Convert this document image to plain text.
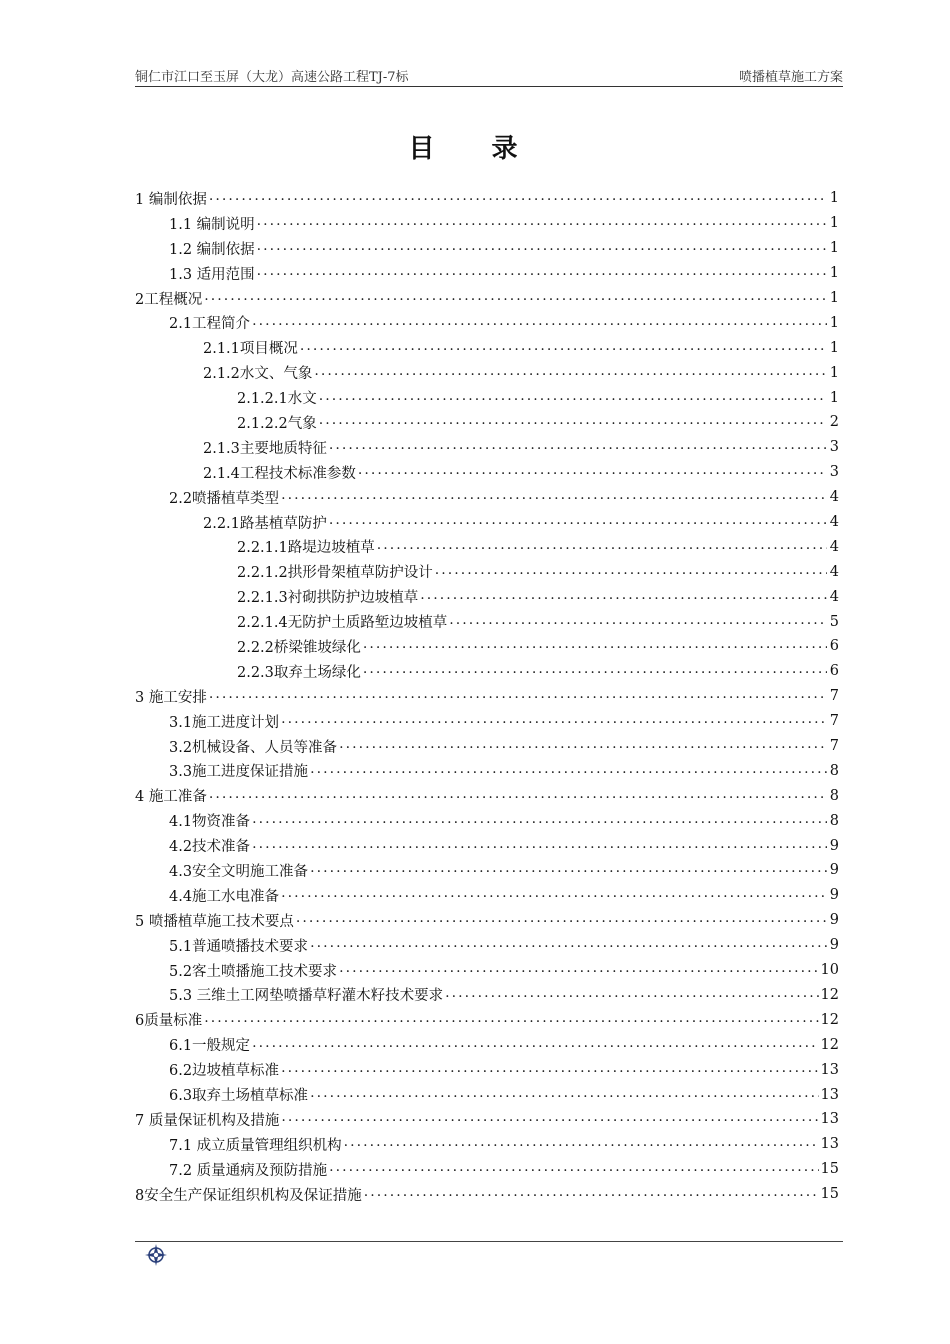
铜仁市江口至玉屏（大龙）高速公路工程TJ-7标	喷播植草施工方案
目 录
1 编制依据 . . .	1
1.1 编制说明 . . .	1
1.2 编制依据 . . .	1
1.3 适用范围 . . .	1
2工程概况 . . .	1
2.1工程简介 . . .	1
2.1.1项目概况 . . .	1
2.1.2水文、气象 . . .	1
2.1.2.1水文 . . .	1
2.1.2.2气象 . . .	2
2.1.3主要地质特征 . . .	3
2.1.4工程技术标准参数 . . .	3
2.2喷播植草类型 . . .	4
2.2.1路基植草防护 . . .	4
2.2.1.1路堤边坡植草 . . .	4
2.2.1.2拱形骨架植草防护设计 . . .	4
2.2.1.3衬砌拱防护边坡植草 . . .	4
2.2.1.4无防护土质路堑边坡植草 . . .	5
2.2.2桥梁锥坡绿化 . . .	6
2.2.3取弃土场绿化 . . .	6
3 施工安排 . . .	7
3.1施工进度计划 . . .	7
3.2机械设备、人员等准备 . . .	7
3.3施工进度保证措施 . . .	8
4 施工准备 . . .	8
4.1物资准备 . . .	8
4.2技术准备 . . .	9
4.3安全文明施工准备 . . .	9
4.4施工水电准备 . . .	9
5 喷播植草施工技术要点 . . .	9
5.1普通喷播技术要求 . . .	9
5.2客土喷播施工技术要求 . . .	10
5.3 三维土工网垫喷播草籽灌木籽技术要求 . . .	12
6质量标准 . . .	12
6.1一般规定 . . .	12
6.2边坡植草标准 . . .	13
6.3取弃土场植草标准 . . .	13
7 质量保证机构及措施 . . .	13
7.1 成立质量管理组织机构 . . .	13
7.2 质量通病及预防措施 . . .	15
8安全生产保证组织机构及保证措施 . . .	15
